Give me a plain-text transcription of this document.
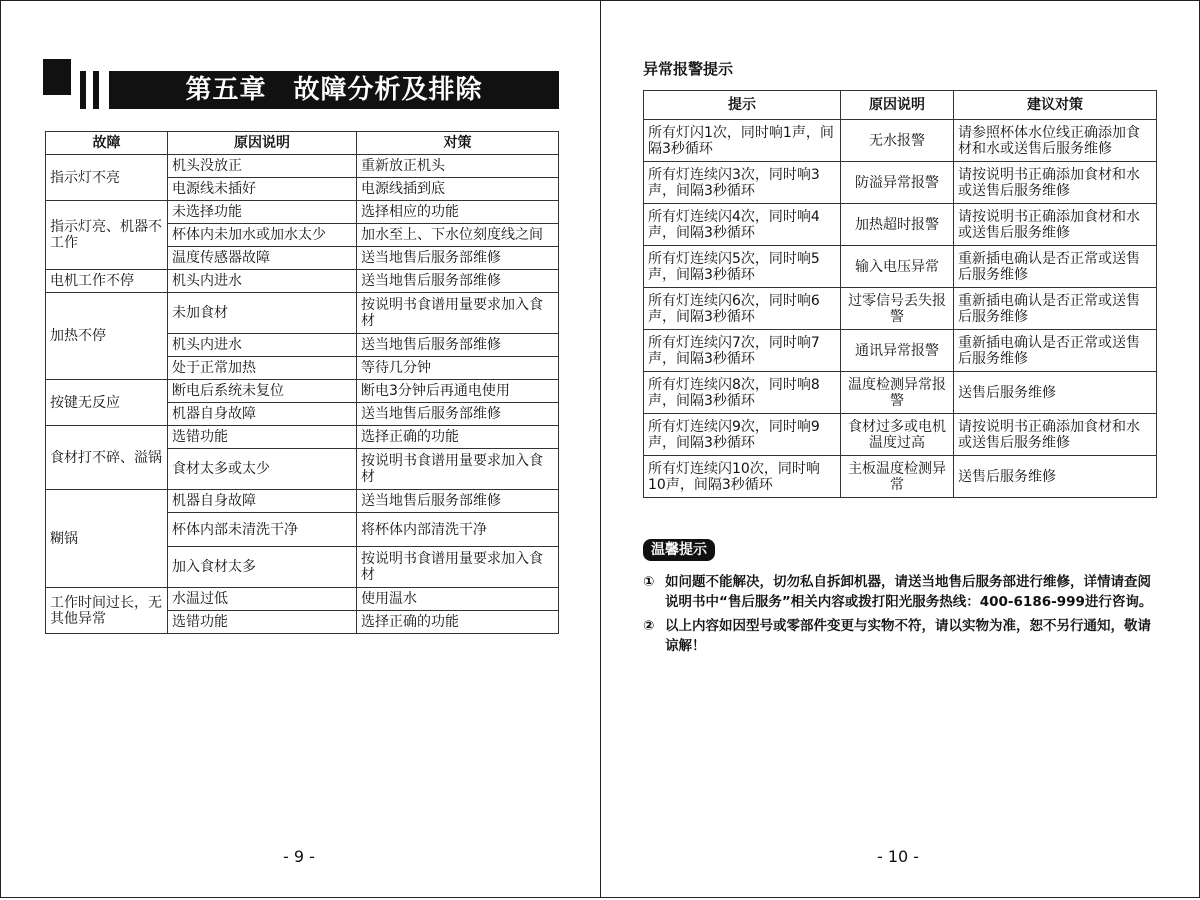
第五章　故障分析及排除
故障	原因说明	对策
指示灯不亮	机头没放正	重新放正机头
	电源线未插好	电源线插到底
指示灯亮、机器不工作	未选择功能	选择相应的功能
	杯体内未加水或加水太少	加水至上、下水位刻度线之间
	温度传感器故障	送当地售后服务部维修
电机工作不停	机头内进水	送当地售后服务部维修
加热不停	未加食材	按说明书食谱用量要求加入食材
	机头内进水	送当地售后服务部维修
	处于正常加热	等待几分钟
按键无反应	断电后系统未复位	断电3分钟后再通电使用
	机器自身故障	送当地售后服务部维修
食材打不碎、溢锅	选错功能	选择正确的功能
	食材太多或太少	按说明书食谱用量要求加入食材
糊锅	机器自身故障	送当地售后服务部维修
	杯体内部未清洗干净	将杯体内部清洗干净
	加入食材太多	按说明书食谱用量要求加入食材
工作时间过长，无其他异常	水温过低	使用温水
	选错功能	选择正确的功能
- 9 -	- 10 -
异常报警提示
提示	原因说明	建议对策
所有灯闪1次，同时响1声，间隔3秒循环	无水报警	请参照杯体水位线正确添加食材和水或送售后服务维修
所有灯连续闪3次，同时响3声，间隔3秒循环	防溢异常报警	请按说明书正确添加食材和水或送售后服务维修
所有灯连续闪4次，同时响4声，间隔3秒循环	加热超时报警	请按说明书正确添加食材和水或送售后服务维修
所有灯连续闪5次，同时响5声，间隔3秒循环	输入电压异常	重新插电确认是否正常或送售后服务维修
所有灯连续闪6次，同时响6声，间隔3秒循环	过零信号丢失报警	重新插电确认是否正常或送售后服务维修
所有灯连续闪7次，同时响7声，间隔3秒循环	通讯异常报警	重新插电确认是否正常或送售后服务维修
所有灯连续闪8次，同时响8声，间隔3秒循环	温度检测异常报警	送售后服务维修
所有灯连续闪9次，同时响9声，间隔3秒循环	食材过多或电机温度过高	请按说明书正确添加食材和水或送售后服务维修
所有灯连续闪10次，同时响10声，间隔3秒循环	主板温度检测异常	送售后服务维修
温馨提示
① 如问题不能解决，切勿私自拆卸机器，请送当地售后服务部进行维修，详情请查阅说明书中“售后服务”相关内容或拨打阳光服务热线：400-6186-999进行咨询。
② 以上内容如因型号或零部件变更与实物不符，请以实物为准，恕不另行通知，敬请谅解！
